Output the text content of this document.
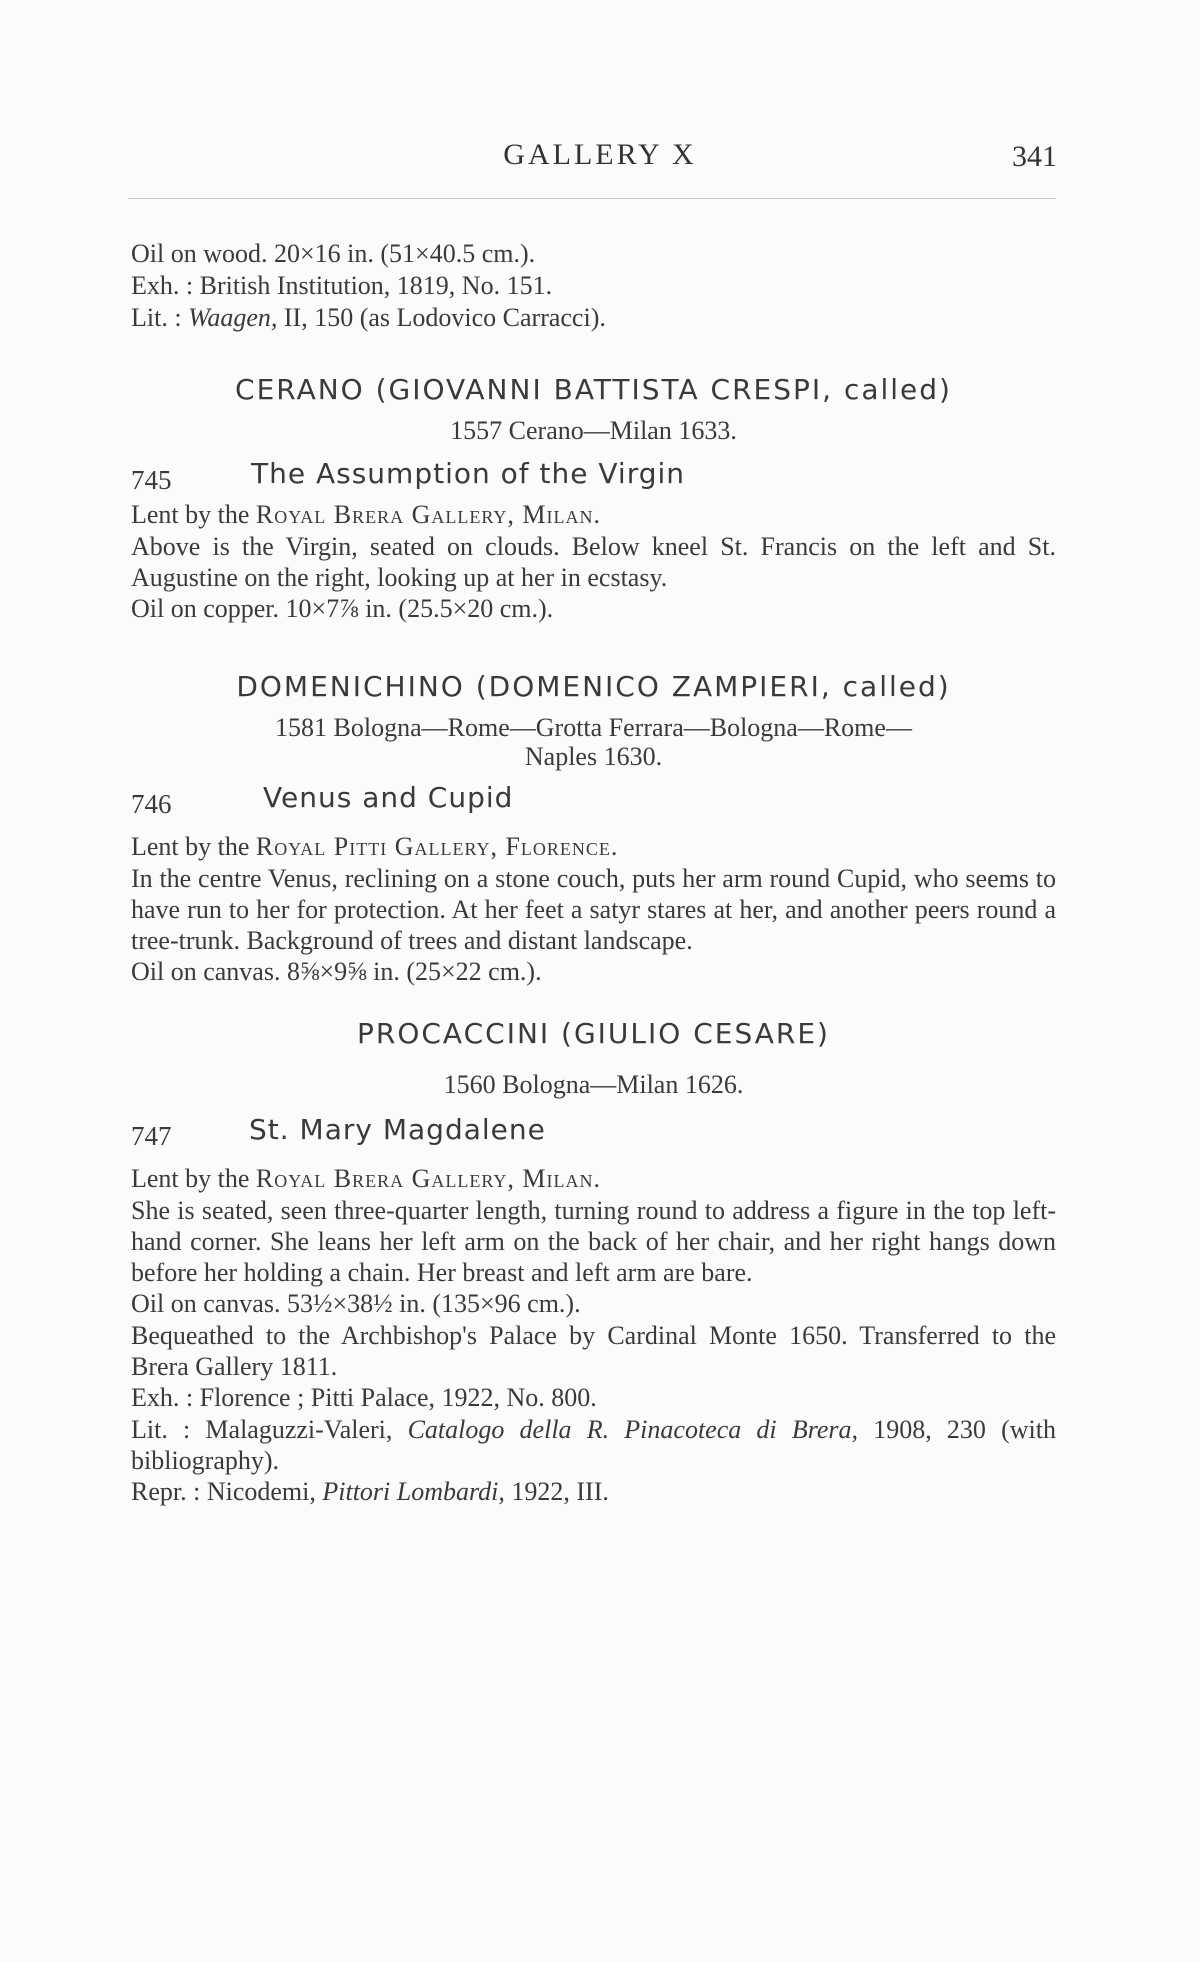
GALLERY X	341

Oil on wood. 20×16 in. (51×40.5 cm.).

Exh. : British Institution, 1819, No. 151.

Lit. : Waagen, II, 150 (as Lodovico Carracci).

CERANO (GIOVANNI BATTISTA CRESPI, called)

1557 Cerano—Milan 1633.

745	The Assumption of the Virgin

Lent by the Royal Brera Gallery, Milan.

Above is the Virgin, seated on clouds. Below kneel St. Francis on the left and St. Augustine on the right, looking up at her in ecstasy.

Oil on copper. 10×7⅞ in. (25.5×20 cm.).

DOMENICHINO (DOMENICO ZAMPIERI, called)

1581 Bologna—Rome—Grotta Ferrara—Bologna—Rome—

Naples 1630.

746	Venus and Cupid

Lent by the Royal Pitti Gallery, Florence.

In the centre Venus, reclining on a stone couch, puts her arm round Cupid, who seems to have run to her for protection. At her feet a satyr stares at her, and another peers round a tree-trunk. Background of trees and distant landscape.

Oil on canvas. 8⅝×9⅝ in. (25×22 cm.).

PROCACCINI (GIULIO CESARE)

1560 Bologna—Milan 1626.

747	St. Mary Magdalene

Lent by the Royal Brera Gallery, Milan.

She is seated, seen three-quarter length, turning round to address a figure in the top left-hand corner. She leans her left arm on the back of her chair, and her right hangs down before her holding a chain. Her breast and left arm are bare.

Oil on canvas. 53½×38½ in. (135×96 cm.).

Bequeathed to the Archbishop's Palace by Cardinal Monte 1650. Transferred to the Brera Gallery 1811.

Exh. : Florence ; Pitti Palace, 1922, No. 800.

Lit. : Malaguzzi-Valeri, Catalogo della R. Pinacoteca di Brera, 1908, 230 (with bibliography).

Repr. : Nicodemi, Pittori Lombardi, 1922, III.
